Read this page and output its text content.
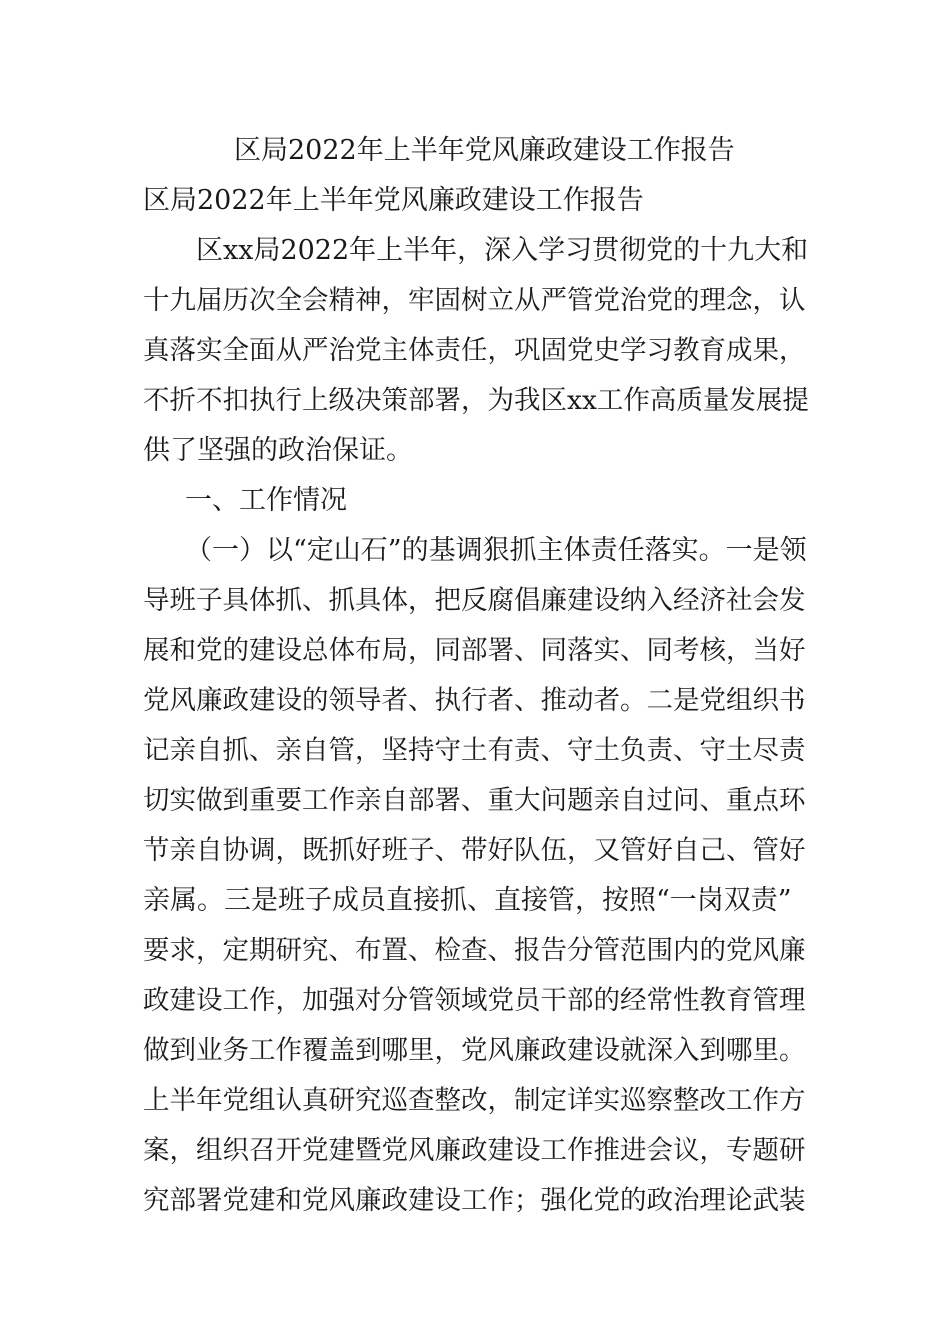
区局2022年上半年党风廉政建设工作报告
区局2022年上半年党风廉政建设工作报告
区xx局2022年上半年，深入学习贯彻党的十九大和
十九届历次全会精神，牢固树立从严管党治党的理念，认
真落实全面从严治党主体责任，巩固党史学习教育成果，
不折不扣执行上级决策部署，为我区xx工作高质量发展提
供了坚强的政治保证。
一、工作情况
（一）以“定山石”的基调狠抓主体责任落实。一是领
导班子具体抓、抓具体，把反腐倡廉建设纳入经济社会发
展和党的建设总体布局，同部署、同落实、同考核，当好
党风廉政建设的领导者、执行者、推动者。二是党组织书
记亲自抓、亲自管，坚持守土有责、守土负责、守土尽责
切实做到重要工作亲自部署、重大问题亲自过问、重点环
节亲自协调，既抓好班子、带好队伍，又管好自己、管好
亲属。三是班子成员直接抓、直接管，按照“一岗双责”
要求，定期研究、布置、检查、报告分管范围内的党风廉
政建设工作，加强对分管领域党员干部的经常性教育管理
做到业务工作覆盖到哪里，党风廉政建设就深入到哪里。
上半年党组认真研究巡查整改，制定详实巡察整改工作方
案，组织召开党建暨党风廉政建设工作推进会议，专题研
究部署党建和党风廉政建设工作；强化党的政治理论武装
